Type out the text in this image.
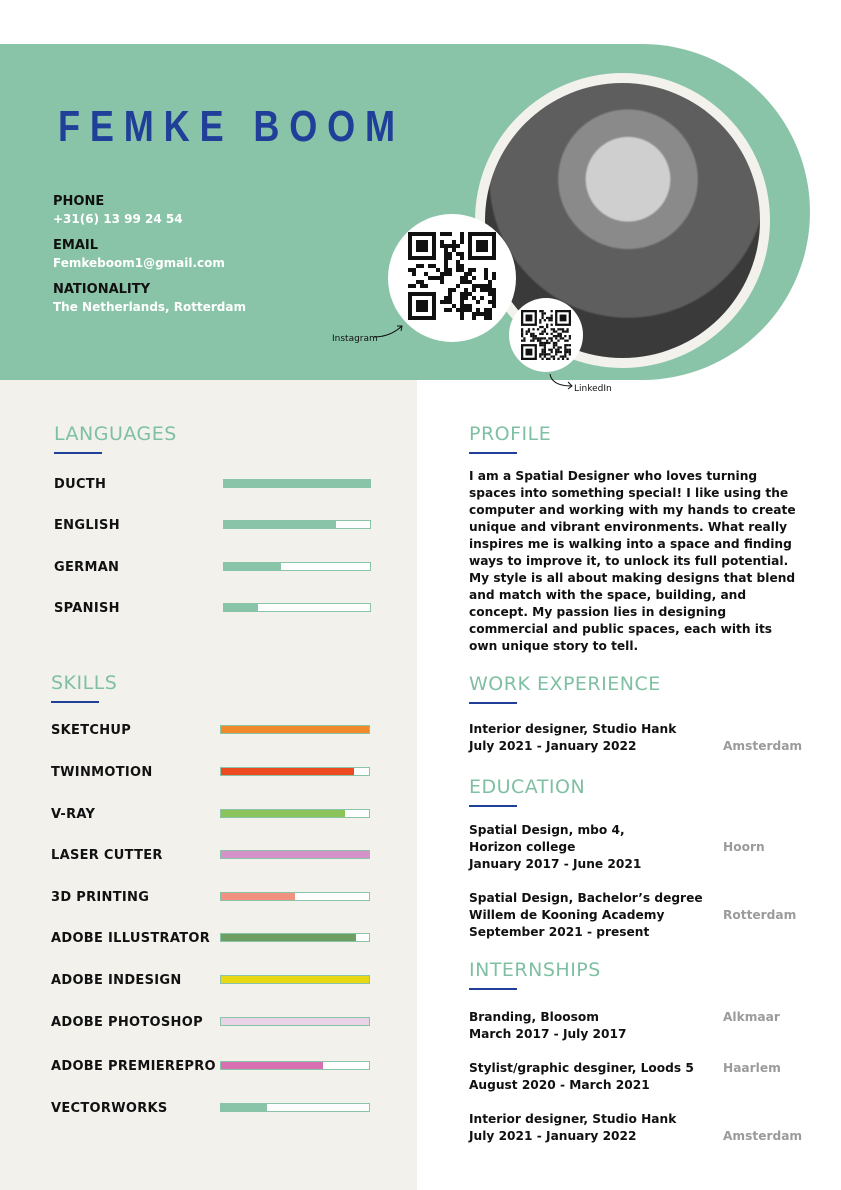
FEMKE BOOM
PHONE
+31(6) 13 99 24 54
EMAIL
Femkeboom1@gmail.com
NATIONALITY
The Netherlands, Rotterdam
Instagram
LinkedIn
LANGUAGES
DUCTH
ENGLISH
GERMAN
SPANISH
SKILLS
SKETCHUP
TWINMOTION
V-RAY
LASER CUTTER
3D PRINTING
ADOBE ILLUSTRATOR
ADOBE INDESIGN
ADOBE PHOTOSHOP
ADOBE PREMIEREPRO
VECTORWORKS
PROFILE
I am a Spatial Designer who loves turning spaces into something special! I like using the computer and working with my hands to create unique and vibrant environments. What really inspires me is walking into a space and finding ways to improve it, to unlock its full potential. My style is all about making designs that blend and match with the space, building, and concept. My passion lies in designing commercial and public spaces, each with its own unique story to tell.
WORK EXPERIENCE
Interior designer, Studio Hank
July 2021 - January 2022	Amsterdam
EDUCATION
Spatial Design, mbo 4,
Horizon college
January 2017 - June 2021
Hoorn
Spatial Design, Bachelor’s degree
Willem de Kooning Academy
September 2021 - present
Rotterdam
INTERNSHIPS
Branding, Bloosom
March 2017 - July 2017
Alkmaar
Stylist/graphic desginer, Loods 5
August 2020 - March 2021
Haarlem
Interior designer, Studio Hank
July 2021 - January 2022	Amsterdam
